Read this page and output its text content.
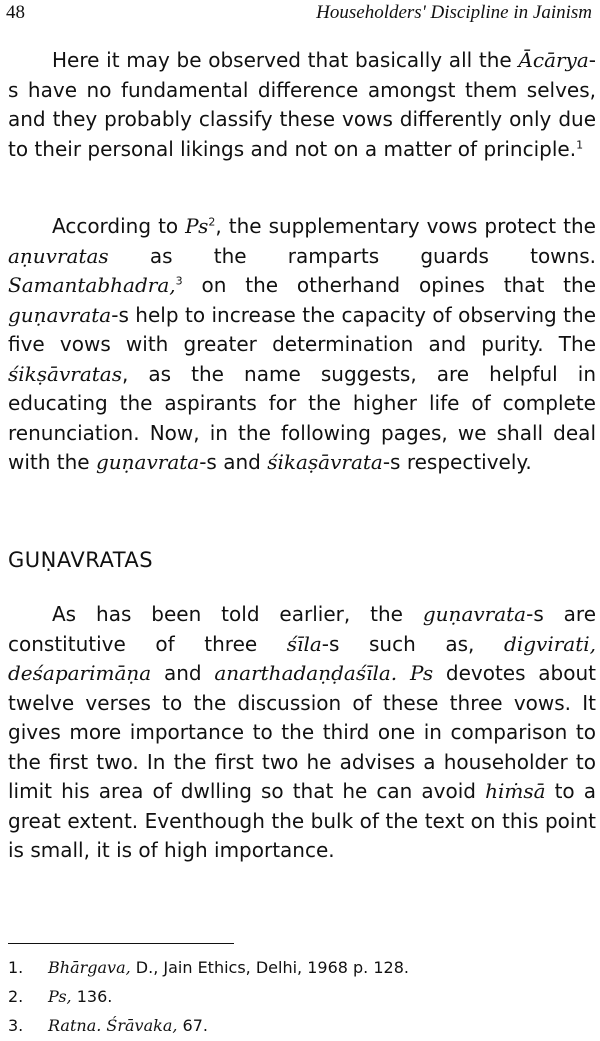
48	Householders' Discipline in Jainism

Here it may be observed that basically all the Ācārya-s have no fundamental difference amongst them selves, and they probably classify these vows differently only due to their personal likings and not on a matter of principle.$^1$

According to Ps$^2$, the supplementary vows protect the aṇuvratas as the ramparts guards towns. Samantabhadra,$^3$ on the otherhand opines that the guṇavrata-s help to increase the capacity of observing the five vows with greater determination and purity. The śikṣāvratas, as the name suggests, are helpful in educating the aspirants for the higher life of complete renunciation. Now, in the following pages, we shall deal with the guṇavrata-s and śikaṣāvrata-s respectively.

GUṆAVRATAS

As has been told earlier, the guṇavrata-s are constitutive of three śīla-s such as, digvirati, deśaparimāṇa and anarthadaṇḍaśīla. Ps devotes about twelve verses to the discussion of these three vows. It gives more importance to the third one in comparison to the first two. In the first two he advises a householder to limit his area of dwlling so that he can avoid hiṁsā to a great extent. Eventhough the bulk of the text on this point is small, it is of high importance.

1. Bhārgava, D., Jain Ethics, Delhi, 1968 p. 128.
2. Ps, 136.
3. Ratna. Śrāvaka, 67.
